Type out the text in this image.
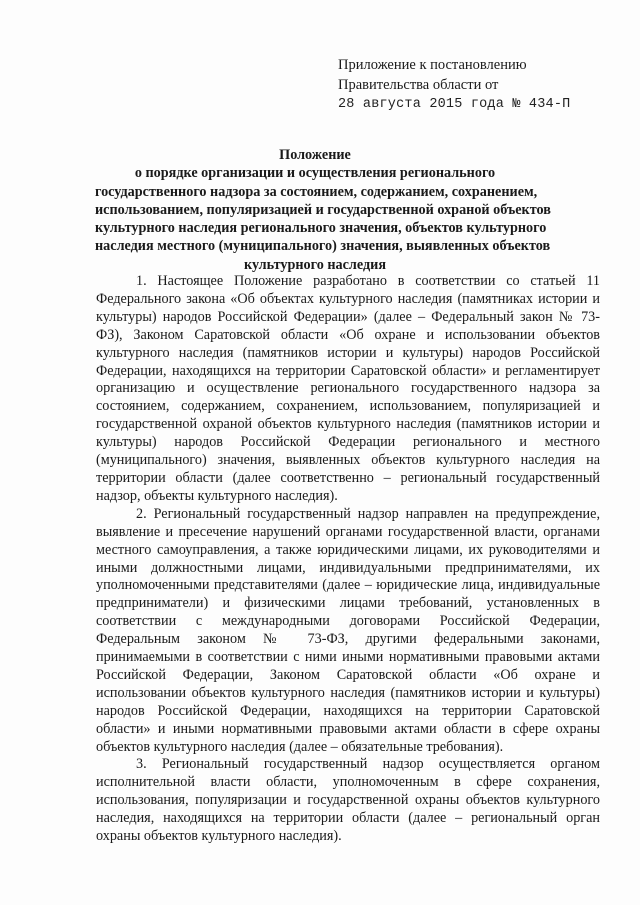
Приложение к постановлению
Правительства области от
28 августа 2015 года № 434-П
Положение
о порядке организации и осуществления регионального
государственного надзора за состоянием, содержанием, сохранением,
использованием, популяризацией и государственной охраной объектов
культурного наследия регионального значения, объектов культурного
наследия местного (муниципального) значения, выявленных объектов
культурного наследия

1. Настоящее Положение разработано в соответствии со статьей 11 Федерального закона «Об объектах культурного наследия (памятниках истории и культуры) народов Российской Федерации» (далее – Федеральный закон № 73-ФЗ), Законом Саратовской области «Об охране и использовании объектов культурного наследия (памятников истории и культуры) народов Российской Федерации, находящихся на территории Саратовской области» и регламентирует организацию и осуществление регионального государственного надзора за состоянием, содержанием, сохранением, использованием, популяризацией и государственной охраной объектов культурного наследия (памятников истории и культуры) народов Российской Федерации регионального и местного (муниципального) значения, выявленных объектов культурного наследия на территории области (далее соответственно – региональный государственный надзор, объекты культурного наследия).

2. Региональный государственный надзор направлен на предупреждение, выявление и пресечение нарушений органами государственной власти, органами местного самоуправления, а также юридическими лицами, их руководителями и иными должностными лицами, индивидуальными предпринимателями, их уполномоченными представителями (далее – юридические лица, индивидуальные предприниматели) и физическими лицами требований, установленных в соответствии с международными договорами Российской Федерации, Федеральным законом № 73-ФЗ, другими федеральными законами, принимаемыми в соответствии с ними иными нормативными правовыми актами Российской Федерации, Законом Саратовской области «Об охране и использовании объектов культурного наследия (памятников истории и культуры) народов Российской Федерации, находящихся на территории Саратовской области» и иными нормативными правовыми актами области в сфере охраны объектов культурного наследия (далее – обязательные требования).

3. Региональный государственный надзор осуществляется органом исполнительной власти области, уполномоченным в сфере сохранения, использования, популяризации и государственной охраны объектов культурного наследия, находящихся на территории области (далее – региональный орган охраны объектов культурного наследия).
